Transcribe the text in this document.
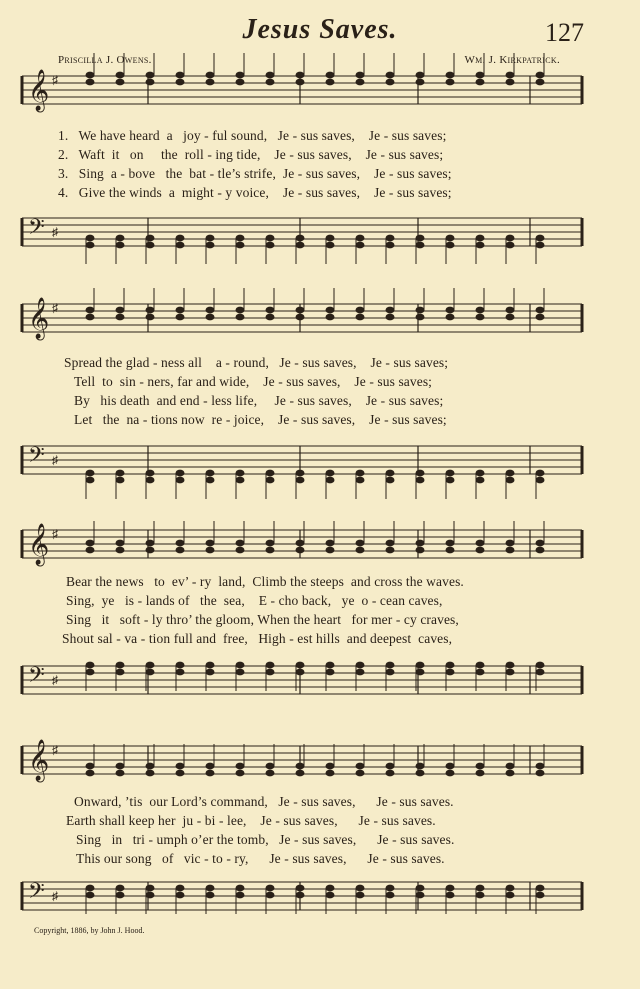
Jesus Saves.	127
Priscilla J. Owens.	Wm. J. Kirkpatrick.
𝄞 ♯
1.   We have heard  a   joy - ful sound,   Je - sus saves,    Je - sus saves;
2.   Waft  it   on     the  roll - ing tide,    Je - sus saves,    Je - sus saves;
3.   Sing  a - bove   the  bat - tle’s strife,  Je - sus saves,    Je - sus saves;
4.   Give the winds  a  might - y voice,    Je - sus saves,    Je - sus saves;
𝄢 ♯
𝄞 ♯
Spread the glad - ness all    a - round,   Je - sus saves,    Je - sus saves;
Tell  to  sin - ners, far and wide,    Je - sus saves,    Je - sus saves;
By   his death  and end - less life,     Je - sus saves,    Je - sus saves;
Let   the  na - tions now  re - joice,    Je - sus saves,    Je - sus saves;
𝄢 ♯
𝄞 ♯
Bear the news   to  ev’ - ry  land,  Climb the steeps  and cross the waves.
Sing,  ye   is - lands of   the  sea,    E - cho back,   ye  o - cean caves,
Sing   it   soft - ly thro’ the gloom, When the heart   for mer - cy craves,
Shout sal - va - tion full and  free,   High - est hills  and deepest  caves,
𝄢 ♯
𝄞 ♯
Onward, ’tis  our Lord’s command,   Je - sus saves,      Je - sus saves.
Earth shall keep her  ju - bi - lee,    Je - sus saves,      Je - sus saves.
Sing   in   tri - umph o’er the tomb,   Je - sus saves,      Je - sus saves.
This our song   of   vic - to - ry,      Je - sus saves,      Je - sus saves.
𝄢 ♯
Copyright, 1886, by John J. Hood.
